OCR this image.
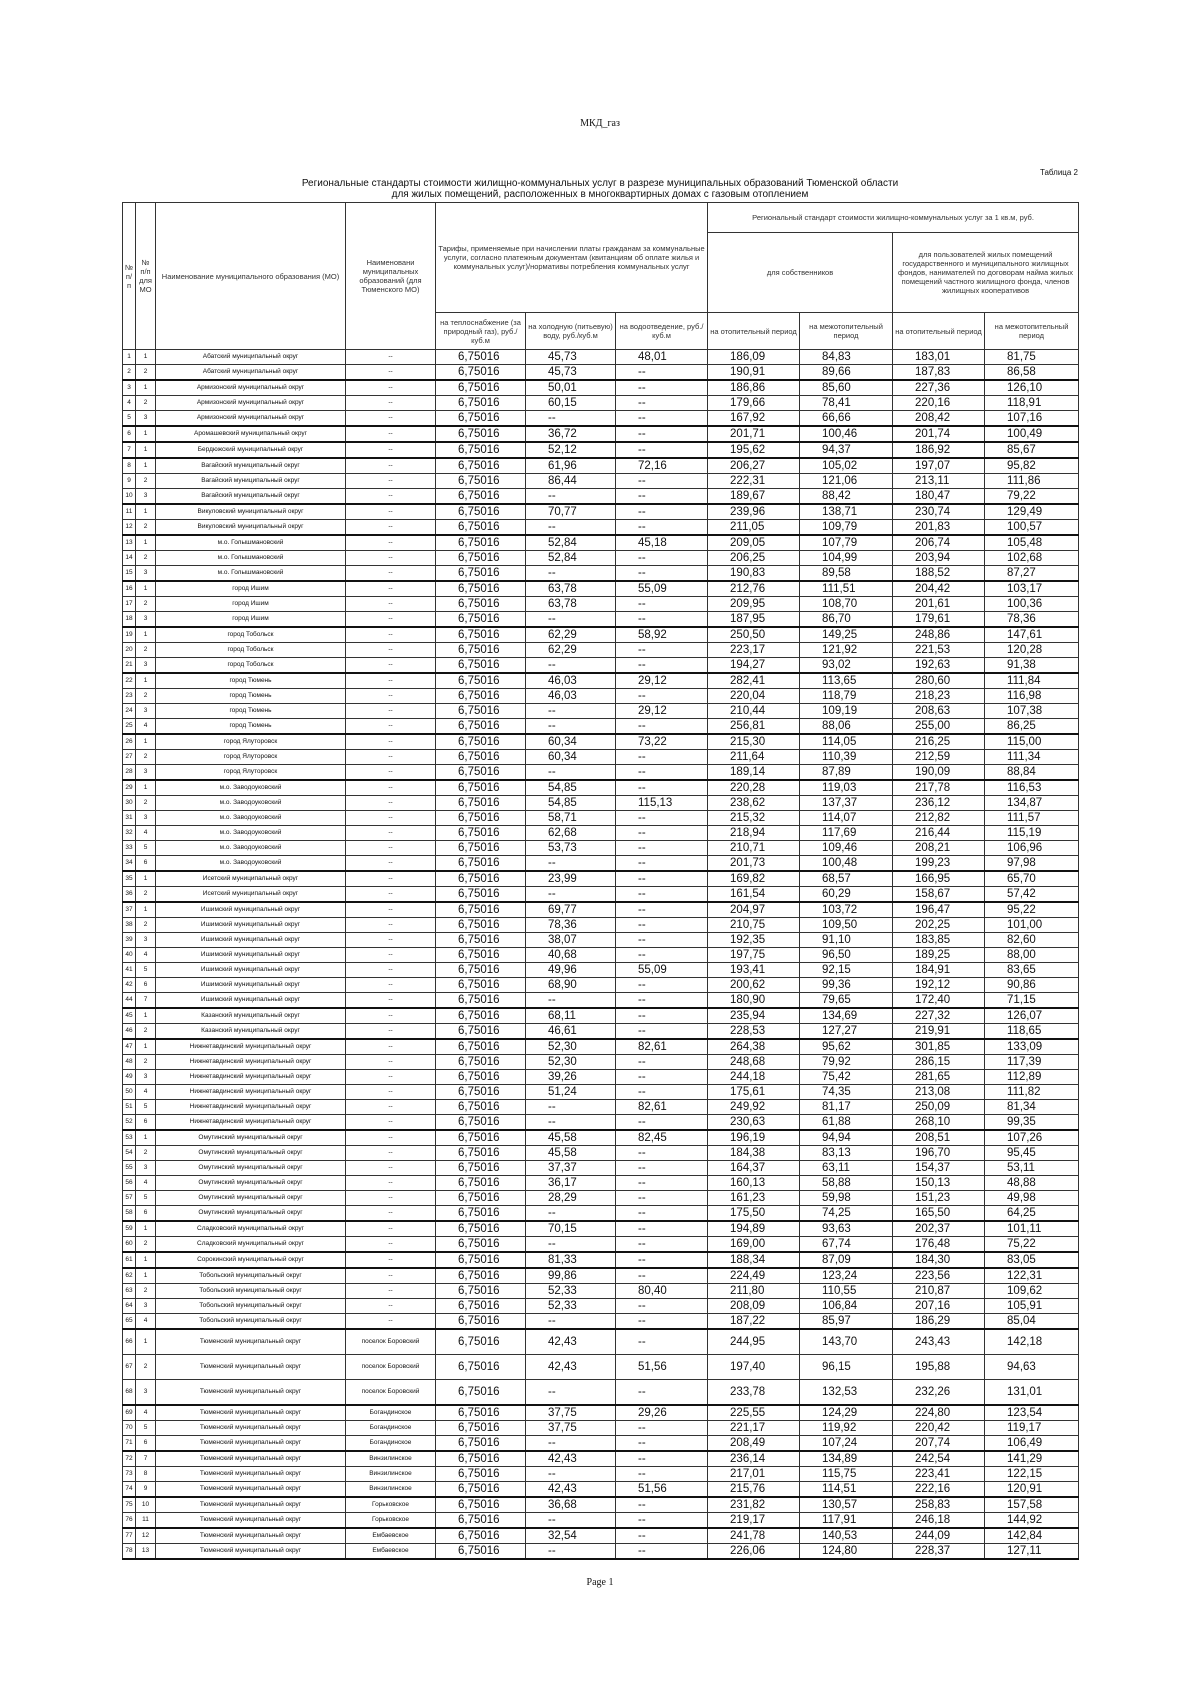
МКД_газ
Таблица 2
Региональные стандарты стоимости жилищно-коммунальных услуг в разрезе муниципальных образований Тюменской области
для жилых помещений, расположенных в многоквартирных домах с газовым отоплением
№ п/п	№ п/п для МО	Наименование муниципального образования (МО)	Наименовани муниципальных образований (для Тюменского МО)	Тарифы, применяемые при начислении платы гражданам за коммунальные услуги, согласно платежным документам (квитанциям об оплате жилья и коммунальных услуг)/нормативы потребления коммунальных услуг			Региональный стандарт стоимости жилищно-коммунальных услуг за 1 кв.м, руб.			
							для собственников		для пользователей жилых помещений государственного и муниципального жилищных фондов, нанимателей по договорам найма жилых помещений частного жилищного фонда, членов жилищных кооперативов	
				на теплоснабжение (за природный газ), руб./куб.м	на холодную (питьевую) воду, руб./куб.м	на водоотведение, руб./куб.м	на отопительный период	на межотопительный период	на отопительный период	на межотопительный период
1	1	Абатский муниципальный округ	--	6,75016	45,73	48,01	186,09	84,83	183,01	81,75
2	2	Абатский муниципальный округ	--	6,75016	45,73	--	190,91	89,66	187,83	86,58
3	1	Армизонский муниципальный округ	--	6,75016	50,01	--	186,86	85,60	227,36	126,10
4	2	Армизонский муниципальный округ	--	6,75016	60,15	--	179,66	78,41	220,16	118,91
5	3	Армизонский муниципальный округ	--	6,75016	--	--	167,92	66,66	208,42	107,16
6	1	Аромашевский муниципальный округ	--	6,75016	36,72	--	201,71	100,46	201,74	100,49
7	1	Бердюжский муниципальный округ	--	6,75016	52,12	--	195,62	94,37	186,92	85,67
8	1	Вагайский муниципальный округ	--	6,75016	61,96	72,16	206,27	105,02	197,07	95,82
9	2	Вагайский муниципальный округ	--	6,75016	86,44	--	222,31	121,06	213,11	111,86
10	3	Вагайский муниципальный округ	--	6,75016	--	--	189,67	88,42	180,47	79,22
11	1	Викуловский муниципальный округ	--	6,75016	70,77	--	239,96	138,71	230,74	129,49
12	2	Викуловский муниципальный округ	--	6,75016	--	--	211,05	109,79	201,83	100,57
13	1	м.о. Голышмановский	--	6,75016	52,84	45,18	209,05	107,79	206,74	105,48
14	2	м.о. Голышмановский	--	6,75016	52,84	--	206,25	104,99	203,94	102,68
15	3	м.о. Голышмановский	--	6,75016	--	--	190,83	89,58	188,52	87,27
16	1	город Ишим	--	6,75016	63,78	55,09	212,76	111,51	204,42	103,17
17	2	город Ишим	--	6,75016	63,78	--	209,95	108,70	201,61	100,36
18	3	город Ишим	--	6,75016	--	--	187,95	86,70	179,61	78,36
19	1	город Тобольск	--	6,75016	62,29	58,92	250,50	149,25	248,86	147,61
20	2	город Тобольск	--	6,75016	62,29	--	223,17	121,92	221,53	120,28
21	3	город Тобольск	--	6,75016	--	--	194,27	93,02	192,63	91,38
22	1	город Тюмень	--	6,75016	46,03	29,12	282,41	113,65	280,60	111,84
23	2	город Тюмень	--	6,75016	46,03	--	220,04	118,79	218,23	116,98
24	3	город Тюмень	--	6,75016	--	29,12	210,44	109,19	208,63	107,38
25	4	город Тюмень	--	6,75016	--	--	256,81	88,06	255,00	86,25
26	1	город Ялуторовск	--	6,75016	60,34	73,22	215,30	114,05	216,25	115,00
27	2	город Ялуторовск	--	6,75016	60,34	--	211,64	110,39	212,59	111,34
28	3	город Ялуторовск	--	6,75016	--	--	189,14	87,89	190,09	88,84
29	1	м.о. Заводоуковский	--	6,75016	54,85	--	220,28	119,03	217,78	116,53
30	2	м.о. Заводоуковский	--	6,75016	54,85	115,13	238,62	137,37	236,12	134,87
31	3	м.о. Заводоуковский	--	6,75016	58,71	--	215,32	114,07	212,82	111,57
32	4	м.о. Заводоуковский	--	6,75016	62,68	--	218,94	117,69	216,44	115,19
33	5	м.о. Заводоуковский	--	6,75016	53,73	--	210,71	109,46	208,21	106,96
34	6	м.о. Заводоуковский	--	6,75016	--	--	201,73	100,48	199,23	97,98
35	1	Исетский муниципальный округ	--	6,75016	23,99	--	169,82	68,57	166,95	65,70
36	2	Исетский муниципальный округ	--	6,75016	--	--	161,54	60,29	158,67	57,42
37	1	Ишимский муниципальный округ	--	6,75016	69,77	--	204,97	103,72	196,47	95,22
38	2	Ишимский муниципальный округ	--	6,75016	78,36	--	210,75	109,50	202,25	101,00
39	3	Ишимский муниципальный округ	--	6,75016	38,07	--	192,35	91,10	183,85	82,60
40	4	Ишимский муниципальный округ	--	6,75016	40,68	--	197,75	96,50	189,25	88,00
41	5	Ишимский муниципальный округ	--	6,75016	49,96	55,09	193,41	92,15	184,91	83,65
42	6	Ишимский муниципальный округ	--	6,75016	68,90	--	200,62	99,36	192,12	90,86
44	7	Ишимский муниципальный округ	--	6,75016	--	--	180,90	79,65	172,40	71,15
45	1	Казанский муниципальный округ	--	6,75016	68,11	--	235,94	134,69	227,32	126,07
46	2	Казанский муниципальный округ	--	6,75016	46,61	--	228,53	127,27	219,91	118,65
47	1	Нижнетавдинский муниципальный округ	--	6,75016	52,30	82,61	264,38	95,62	301,85	133,09
48	2	Нижнетавдинский муниципальный округ	--	6,75016	52,30	--	248,68	79,92	286,15	117,39
49	3	Нижнетавдинский муниципальный округ	--	6,75016	39,26	--	244,18	75,42	281,65	112,89
50	4	Нижнетавдинский муниципальный округ	--	6,75016	51,24	--	175,61	74,35	213,08	111,82
51	5	Нижнетавдинский муниципальный округ	--	6,75016	--	82,61	249,92	81,17	250,09	81,34
52	6	Нижнетавдинский муниципальный округ	--	6,75016	--	--	230,63	61,88	268,10	99,35
53	1	Омутинский муниципальный округ	--	6,75016	45,58	82,45	196,19	94,94	208,51	107,26
54	2	Омутинский муниципальный округ	--	6,75016	45,58	--	184,38	83,13	196,70	95,45
55	3	Омутинский муниципальный округ	--	6,75016	37,37	--	164,37	63,11	154,37	53,11
56	4	Омутинский муниципальный округ	--	6,75016	36,17	--	160,13	58,88	150,13	48,88
57	5	Омутинский муниципальный округ	--	6,75016	28,29	--	161,23	59,98	151,23	49,98
58	6	Омутинский муниципальный округ	--	6,75016	--	--	175,50	74,25	165,50	64,25
59	1	Сладковский муниципальный округ	--	6,75016	70,15	--	194,89	93,63	202,37	101,11
60	2	Сладковский муниципальный округ	--	6,75016	--	--	169,00	67,74	176,48	75,22
61	1	Сорокинский муниципальный округ	--	6,75016	81,33	--	188,34	87,09	184,30	83,05
62	1	Тобольский муниципальный округ	--	6,75016	99,86	--	224,49	123,24	223,56	122,31
63	2	Тобольский муниципальный округ	--	6,75016	52,33	80,40	211,80	110,55	210,87	109,62
64	3	Тобольский муниципальный округ	--	6,75016	52,33	--	208,09	106,84	207,16	105,91
65	4	Тобольский муниципальный округ	--	6,75016	--	--	187,22	85,97	186,29	85,04
66	1	Тюменский муниципальный округ	поселок Боровский	6,75016	42,43	--	244,95	143,70	243,43	142,18
67	2	Тюменский муниципальный округ	поселок Боровский	6,75016	42,43	51,56	197,40	96,15	195,88	94,63
68	3	Тюменский муниципальный округ	поселок Боровский	6,75016	--	--	233,78	132,53	232,26	131,01
69	4	Тюменский муниципальный округ	Богандинское	6,75016	37,75	29,26	225,55	124,29	224,80	123,54
70	5	Тюменский муниципальный округ	Богандинское	6,75016	37,75	--	221,17	119,92	220,42	119,17
71	6	Тюменский муниципальный округ	Богандинское	6,75016	--	--	208,49	107,24	207,74	106,49
72	7	Тюменский муниципальный округ	Винзилинское	6,75016	42,43	--	236,14	134,89	242,54	141,29
73	8	Тюменский муниципальный округ	Винзилинское	6,75016	--	--	217,01	115,75	223,41	122,15
74	9	Тюменский муниципальный округ	Винзилинское	6,75016	42,43	51,56	215,76	114,51	222,16	120,91
75	10	Тюменский муниципальный округ	Горьковское	6,75016	36,68	--	231,82	130,57	258,83	157,58
76	11	Тюменский муниципальный округ	Горьковское	6,75016	--	--	219,17	117,91	246,18	144,92
77	12	Тюменский муниципальный округ	Ембаевское	6,75016	32,54	--	241,78	140,53	244,09	142,84
78	13	Тюменский муниципальный округ	Ембаевское	6,75016	--	--	226,06	124,80	228,37	127,11
Page 1
